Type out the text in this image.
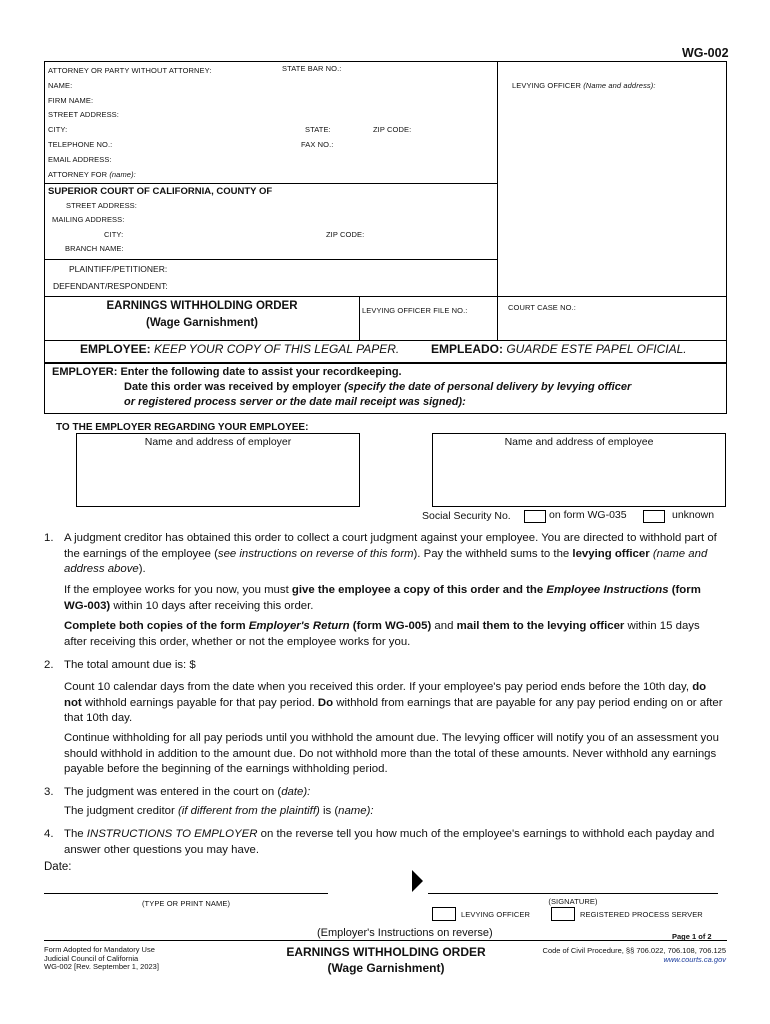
WG-002
ATTORNEY OR PARTY WITHOUT ATTORNEY:	STATE BAR NO.:
NAME:
FIRM NAME:
STREET ADDRESS:
CITY:	STATE:	ZIP CODE:
TELEPHONE NO.:	FAX NO.:
EMAIL ADDRESS:
ATTORNEY FOR (name):
LEVYING OFFICER (Name and address):
SUPERIOR COURT OF CALIFORNIA, COUNTY OF
STREET ADDRESS:
MAILING ADDRESS:
CITY:	ZIP CODE:
BRANCH NAME:
PLAINTIFF/PETITIONER:
DEFENDANT/RESPONDENT:
EARNINGS WITHHOLDING ORDER
(Wage Garnishment)
LEVYING OFFICER FILE NO.:	COURT CASE NO.:
EMPLOYEE: KEEP YOUR COPY OF THIS LEGAL PAPER.	EMPLEADO: GUARDE ESTE PAPEL OFICIAL.
EMPLOYER: Enter the following date to assist your recordkeeping.
Date this order was received by employer (specify the date of personal delivery by levying officer
or registered process server or the date mail receipt was signed):
TO THE EMPLOYER REGARDING YOUR EMPLOYEE:
Name and address of employer	Name and address of employee
Social Security No.	on form WG-035	unknown
1. A judgment creditor has obtained this order to collect a court judgment against your employee. You are directed to withhold part of
the earnings of the employee (see instructions on reverse of this form). Pay the withheld sums to the levying officer (name and
address above).
If the employee works for you now, you must give the employee a copy of this order and the Employee Instructions (form
WG-003) within 10 days after receiving this order.
Complete both copies of the form Employer's Return (form WG-005) and mail them to the levying officer within 15 days
after receiving this order, whether or not the employee works for you.
2. The total amount due is: $
Count 10 calendar days from the date when you received this order. If your employee's pay period ends before the 10th day, do
not withhold earnings payable for that pay period. Do withhold from earnings that are payable for any pay period ending on or after
that 10th day.
Continue withholding for all pay periods until you withhold the amount due. The levying officer will notify you of an assessment you
should withhold in addition to the amount due. Do not withhold more than the total of these amounts. Never withhold any earnings
payable before the beginning of the earnings withholding period.
3. The judgment was entered in the court on (date):
The judgment creditor (if different from the plaintiff) is (name):
4. The INSTRUCTIONS TO EMPLOYER on the reverse tell you how much of the employee's earnings to withhold each payday and
answer other questions you may have.
Date:
(TYPE OR PRINT NAME)	(SIGNATURE)
LEVYING OFFICER	REGISTERED PROCESS SERVER
(Employer's Instructions on reverse)	Page 1 of 2
Form Adopted for Mandatory Use
Judicial Council of California
WG-002 [Rev. September 1, 2023]
EARNINGS WITHHOLDING ORDER
(Wage Garnishment)
Code of Civil Procedure, §§ 706.022, 706.108, 706.125
www.courts.ca.gov
